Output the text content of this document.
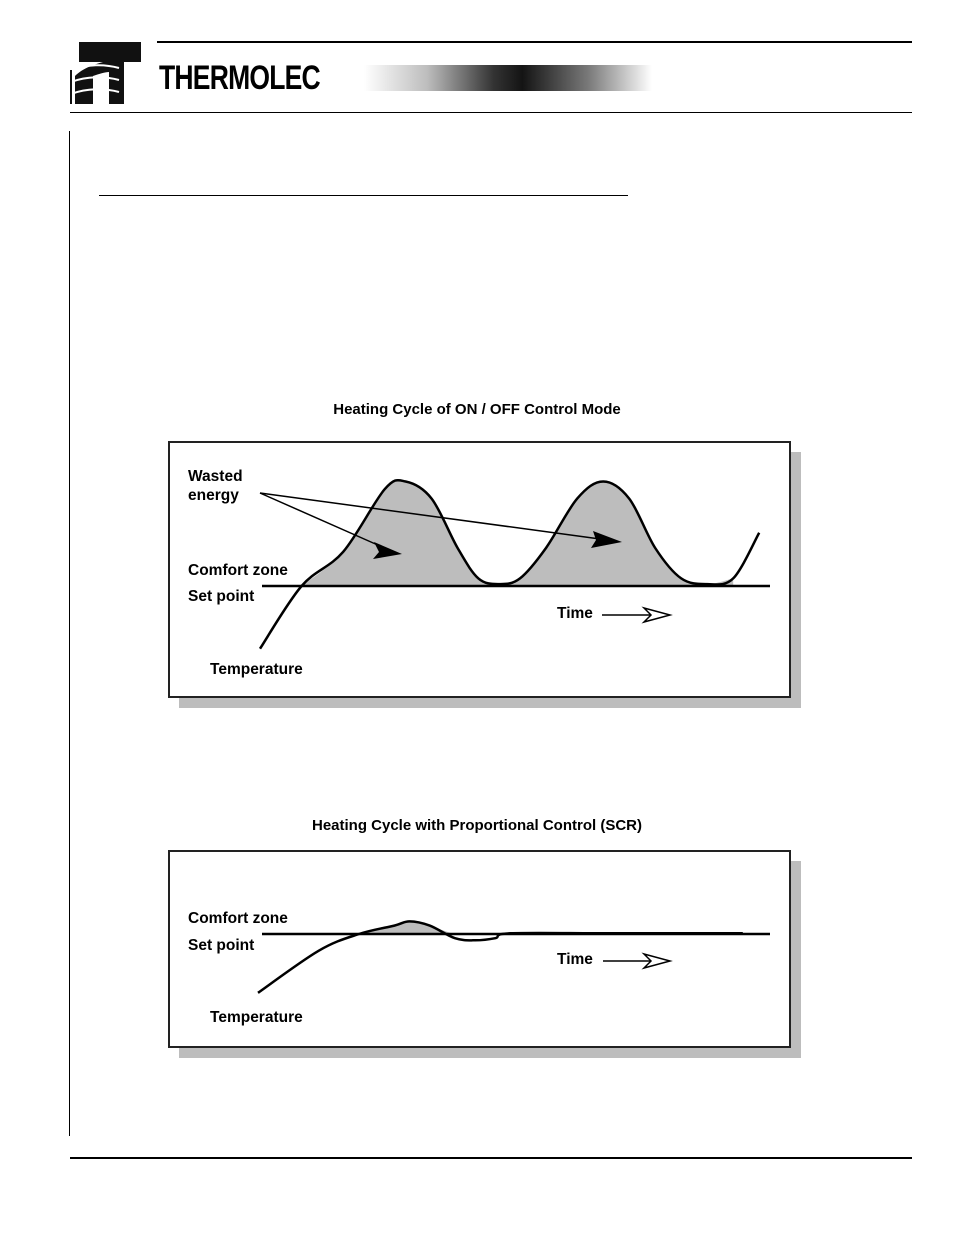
THERMOLEC
Heating Cycle of ON / OFF Control Mode
Wasted
energy
Comfort zone
Set point
Time
Temperature
Heating Cycle with Proportional Control (SCR)
Comfort zone
Set point
Time
Temperature
